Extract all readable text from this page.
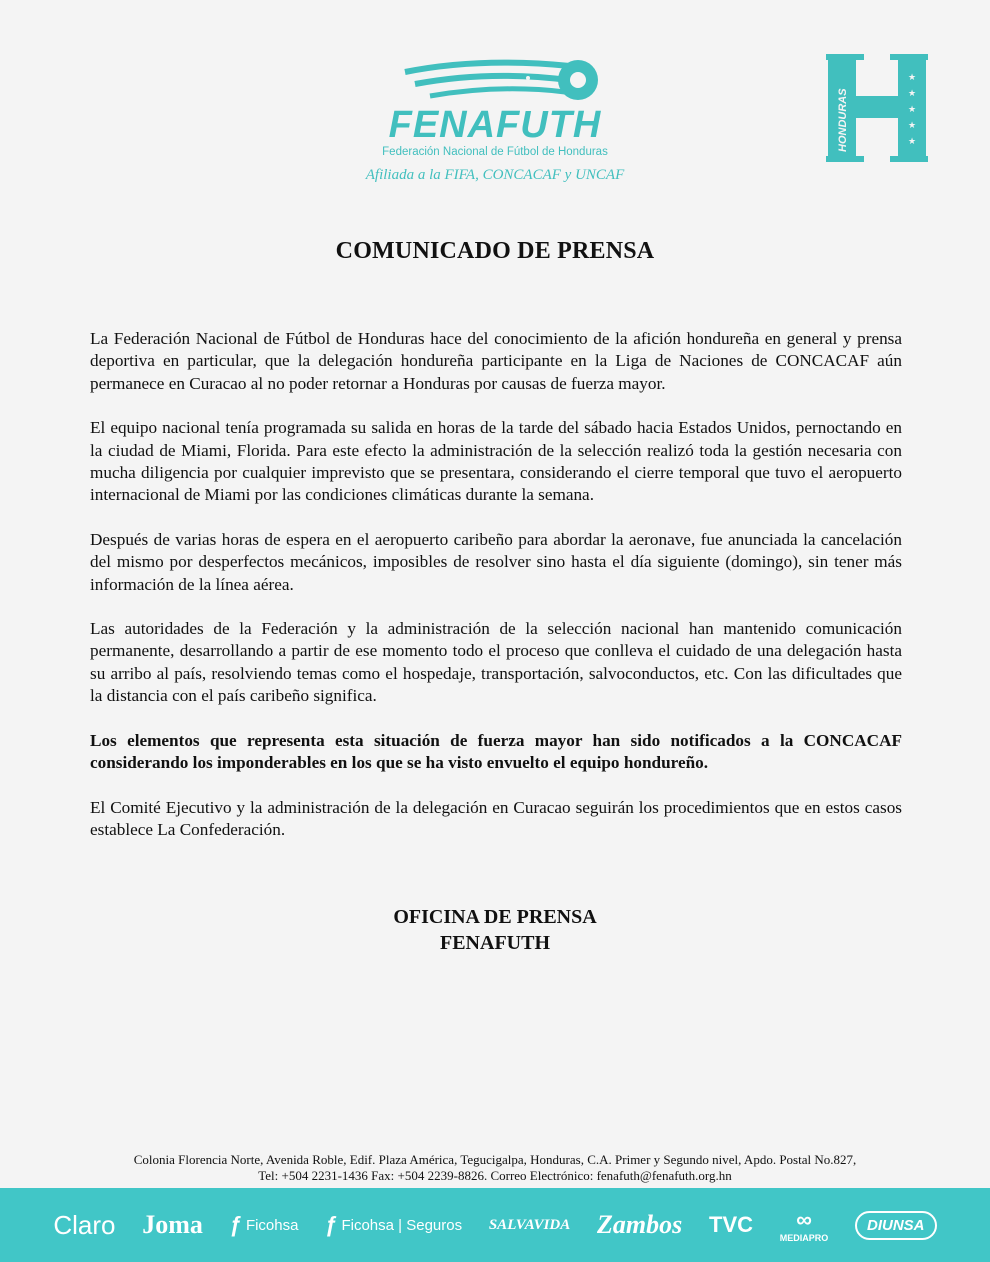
FENAFUTH
Federación Nacional de Fútbol de Honduras
Afiliada a la FIFA, CONCACAF y UNCAF
HONDURAS
★
★
★
★
★
COMUNICADO DE PRENSA

La Federación Nacional de Fútbol de Honduras hace del conocimiento de la afición hondureña en general y prensa deportiva en particular, que la delegación hondureña participante en la Liga de Naciones de CONCACAF aún permanece en Curacao al no poder retornar a Honduras por causas de fuerza mayor.

El equipo nacional tenía programada su salida en horas de la tarde del sábado hacia Estados Unidos, pernoctando en la ciudad de Miami, Florida. Para este efecto la administración de la selección realizó toda la gestión necesaria con mucha diligencia por cualquier imprevisto que se presentara, considerando el cierre temporal que tuvo el aeropuerto internacional de Miami por las condiciones climáticas durante la semana.

Después de varias horas de espera en el aeropuerto caribeño para abordar la aeronave, fue anunciada la cancelación del mismo por desperfectos mecánicos, imposibles de resolver sino hasta el día siguiente (domingo), sin tener más información de la línea aérea.

Las autoridades de la Federación y la administración de la selección nacional han mantenido comunicación permanente, desarrollando a partir de ese momento todo el proceso que conlleva el cuidado de una delegación hasta su arribo al país, resolviendo temas como el hospedaje, transportación, salvoconductos, etc. Con las dificultades que la distancia con el país caribeño significa.

Los elementos que representa esta situación de fuerza mayor han sido notificados a la CONCACAF considerando los imponderables en los que se ha visto envuelto el equipo hondureño.

El Comité Ejecutivo y la administración de la delegación en Curacao seguirán los procedimientos que en estos casos establece La Confederación.

OFICINA DE PRENSA
FENAFUTH
Colonia Florencia Norte, Avenida Roble, Edif. Plaza América, Tegucigalpa, Honduras, C.A. Primer y Segundo nivel, Apdo. Postal No.827,
Tel: +504 2231-1436 Fax: +504 2239-8826. Correo Electrónico: fenafuth@fenafuth.org.hn
Claro Joma ƒ Ficohsa ƒ Ficohsa | Seguros SALVAVIDA Zambos TVC ∞
MEDIAPRO
DIUNSA
